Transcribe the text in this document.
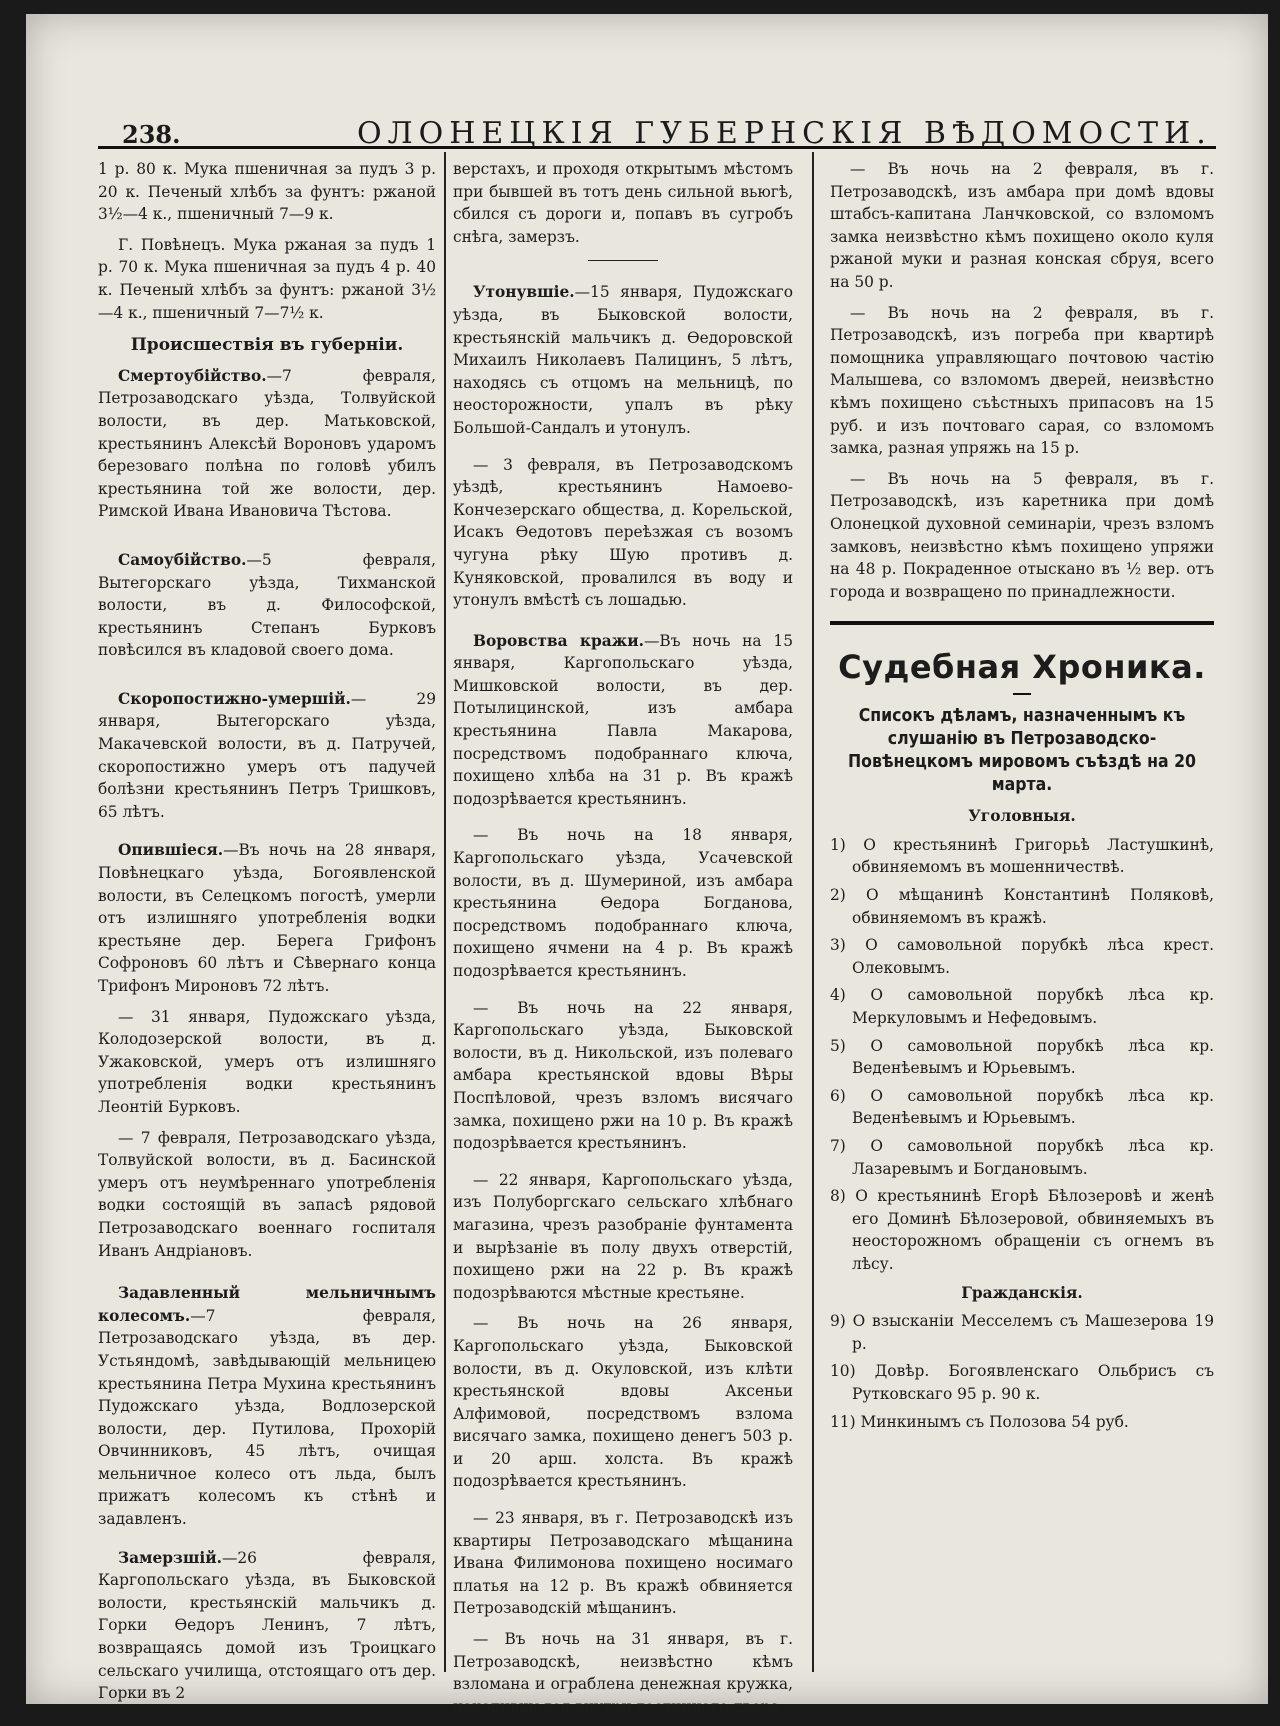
238.	ОЛОНЕЦКIЯ ГУБЕРНСКIЯ ВѢДОМОСТИ.

1 р. 80 к. Мука пшеничная за пудъ 3 р. 20 к. Печеный хлѣбъ за фунтъ: ржаной 3½—4 к., пшеничный 7—9 к.

Г. Повѣнецъ. Мука ржаная за пудъ 1 р. 70 к. Мука пшеничная за пудъ 4 р. 40 к. Печеный хлѣбъ за фунтъ: ржаной 3½—4 к., пшеничный 7—7½ к.

Происшествiя въ губернiи.

Смертоубiйство.—7 февраля, Петрозаводскаго уѣзда, Толвуйской волости, въ дер. Матьковской, крестьянинъ Алексѣй Вороновъ ударомъ березоваго полѣна по головѣ убилъ крестьянина той же волости, дер. Римской Ивана Ивановича Тѣстова.

Самоубiйство.—5 февраля, Вытегорскаго уѣзда, Тихманской волости, въ д. Философской, крестьянинъ Степанъ Бурковъ повѣсился въ кладовой своего дома.

Скоропостижно-умершiй.— 29 января, Вытегорскаго уѣзда, Макачевской волости, въ д. Патручей, скоропостижно умеръ отъ падучей болѣзни крестьянинъ Петръ Тришковъ, 65 лѣтъ.

Опившiеся.—Въ ночь на 28 января, Повѣнецкаго уѣзда, Богоявленской волости, въ Селецкомъ погостѣ, умерли отъ излишняго употребленiя водки крестьяне дер. Берега Грифонъ Софроновъ 60 лѣтъ и Сѣвернаго конца Трифонъ Мироновъ 72 лѣтъ.

— 31 января, Пудожскаго уѣзда, Колодозерской волости, въ д. Ужаковской, умеръ отъ излишняго употребленiя водки крестьянинъ Леонтiй Бурковъ.

— 7 февраля, Петрозаводскаго уѣзда, Толвуйской волости, въ д. Басинской умеръ отъ неумѣреннаго употребленiя водки состоящiй въ запасѣ рядовой Петрозаводскаго военнаго госпиталя Иванъ Андрiановъ.

Задавленный мельничнымъ колесомъ.—7 февраля, Петрозаводскаго уѣзда, въ дер. Устьяндомѣ, завѣдывающiй мельницею крестьянина Петра Мухина крестьянинъ Пудожскаго уѣзда, Водлозерской волости, дер. Путилова, Прохорiй Овчинниковъ, 45 лѣтъ, очищая мельничное колесо отъ льда, былъ прижатъ колесомъ къ стѣнѣ и задавленъ.

Замерзшiй.—26 февраля, Каргопольскаго уѣзда, въ Быковской волости, крестьянскiй мальчикъ д. Горки Өедоръ Ленинъ, 7 лѣтъ, возвращаясь домой изъ Троицкаго сельскаго училища, отстоящаго отъ дер. Горки въ 2

верстахъ, и проходя открытымъ мѣстомъ при бывшей въ тотъ день сильной вьюгѣ, сбился съ дороги и, попавъ въ сугробъ снѣга, замерзъ.

Утонувшiе.—15 января, Пудожскаго уѣзда, въ Быковской волости, крестьянскiй мальчикъ д. Өедоровской Михаилъ Николаевъ Палицинъ, 5 лѣтъ, находясь съ отцомъ на мельницѣ, по неосторожности, упалъ въ рѣку Большой-Сандалъ и утонулъ.

— 3 февраля, въ Петрозаводскомъ уѣздѣ, крестьянинъ Намоево-Кончезерскаго общества, д. Корельской, Исакъ Өедотовъ переѣзжая съ возомъ чугуна рѣку Шую противъ д. Куняковской, провалился въ воду и утонулъ вмѣстѣ съ лошадью.

Воровства кражи.—Въ ночь на 15 января, Каргопольскаго уѣзда, Мишковской волости, въ дер. Потылицинской, изъ амбара крестьянина Павла Макарова, посредствомъ подобраннаго ключа, похищено хлѣба на 31 р. Въ кражѣ подозрѣвается крестьянинъ.

— Въ ночь на 18 января, Каргопольскаго уѣзда, Усачевской волости, въ д. Шумериной, изъ амбара крестьянина Өедора Богданова, посредствомъ подобраннаго ключа, похищено ячмени на 4 р. Въ кражѣ подозрѣвается крестьянинъ.

— Въ ночь на 22 января, Каргопольскаго уѣзда, Быковской волости, въ д. Никольской, изъ полеваго амбара крестьянской вдовы Вѣры Поспѣловой, чрезъ взломъ висячаго замка, похищено ржи на 10 р. Въ кражѣ подозрѣвается крестьянинъ.

— 22 января, Каргопольскаго уѣзда, изъ Полуборгскаго сельскаго хлѣбнаго магазина, чрезъ разобранiе фунтамента и вырѣзанiе въ полу двухъ отверстiй, похищено ржи на 22 р. Въ кражѣ подозрѣваются мѣстные крестьяне.

— Въ ночь на 26 января, Каргопольскаго уѣзда, Быковской волости, въ д. Окуловской, изъ клѣти крестьянской вдовы Аксеньи Алфимовой, посредствомъ взлома висячаго замка, похищено денегъ 503 р. и 20 арш. холста. Въ кражѣ подозрѣвается крестьянинъ.

— 23 января, въ г. Петрозаводскѣ изъ квартиры Петрозаводскаго мѣщанина Ивана Филимонова похищено носимаго платья на 12 р. Въ кражѣ обвиняется Петрозаводскiй мѣщанинъ.

— Въ ночь на 31 января, въ г. Петрозаводскѣ, неизвѣстно кѣмъ взломана и ограблена денежная кружка, находившаяся внутри гостиннаго двора.

— Въ ночь на 2 февраля, въ г. Петрозаводскѣ, изъ амбара при домѣ вдовы штабсъ-капитана Ланчковской, со взломомъ замка неизвѣстно кѣмъ похищено около куля ржаной муки и разная конская сбруя, всего на 50 р.

— Въ ночь на 2 февраля, въ г. Петрозаводскѣ, изъ погреба при квартирѣ помощника управляющаго почтовою частiю Малышева, со взломомъ дверей, неизвѣстно кѣмъ похищено съѣстныхъ припасовъ на 15 руб. и изъ почтоваго сарая, со взломомъ замка, разная упряжь на 15 р.

— Въ ночь на 5 февраля, въ г. Петрозаводскѣ, изъ каретника при домѣ Олонецкой духовной семинарiи, чрезъ взломъ замковъ, неизвѣстно кѣмъ похищено упряжи на 48 р. Покраденное отыскано въ ½ вер. отъ города и возвращено по принадлежности.

Судебная Хроника.
Списокъ дѣламъ, назначеннымъ къ слушанiю въ Петрозаводско-Повѣнецкомъ мировомъ съѣздѣ на 20 марта.
Уголовныя.
1) О крестьянинѣ Григорьѣ Ластушкинѣ, обвиняемомъ въ мошенничествѣ.
2) О мѣщанинѣ Константинѣ Поляковѣ, обвиняемомъ въ кражѣ.
3) О самовольной порубкѣ лѣса крест. Олековымъ.
4) О самовольной порубкѣ лѣса кр. Меркуловымъ и Нефедовымъ.
5) О самовольной порубкѣ лѣса кр. Веденѣевымъ и Юрьевымъ.
6) О самовольной порубкѣ лѣса кр. Веденѣевымъ и Юрьевымъ.
7) О самовольной порубкѣ лѣса кр. Лазаревымъ и Богдановымъ.
8) О крестьянинѣ Егорѣ Бѣлозеровѣ и женѣ его Доминѣ Бѣлозеровой, обвиняемыхъ въ неосторожномъ обращенiи съ огнемъ въ лѣсу.
Гражданскiя.
9) О взысканiи Месселемъ съ Машезерова 19 р.
10) Довѣр. Богоявленскаго Ольбрисъ съ Рутковскаго 95 р. 90 к.
11) Минкинымъ съ Полозова 54 руб.
